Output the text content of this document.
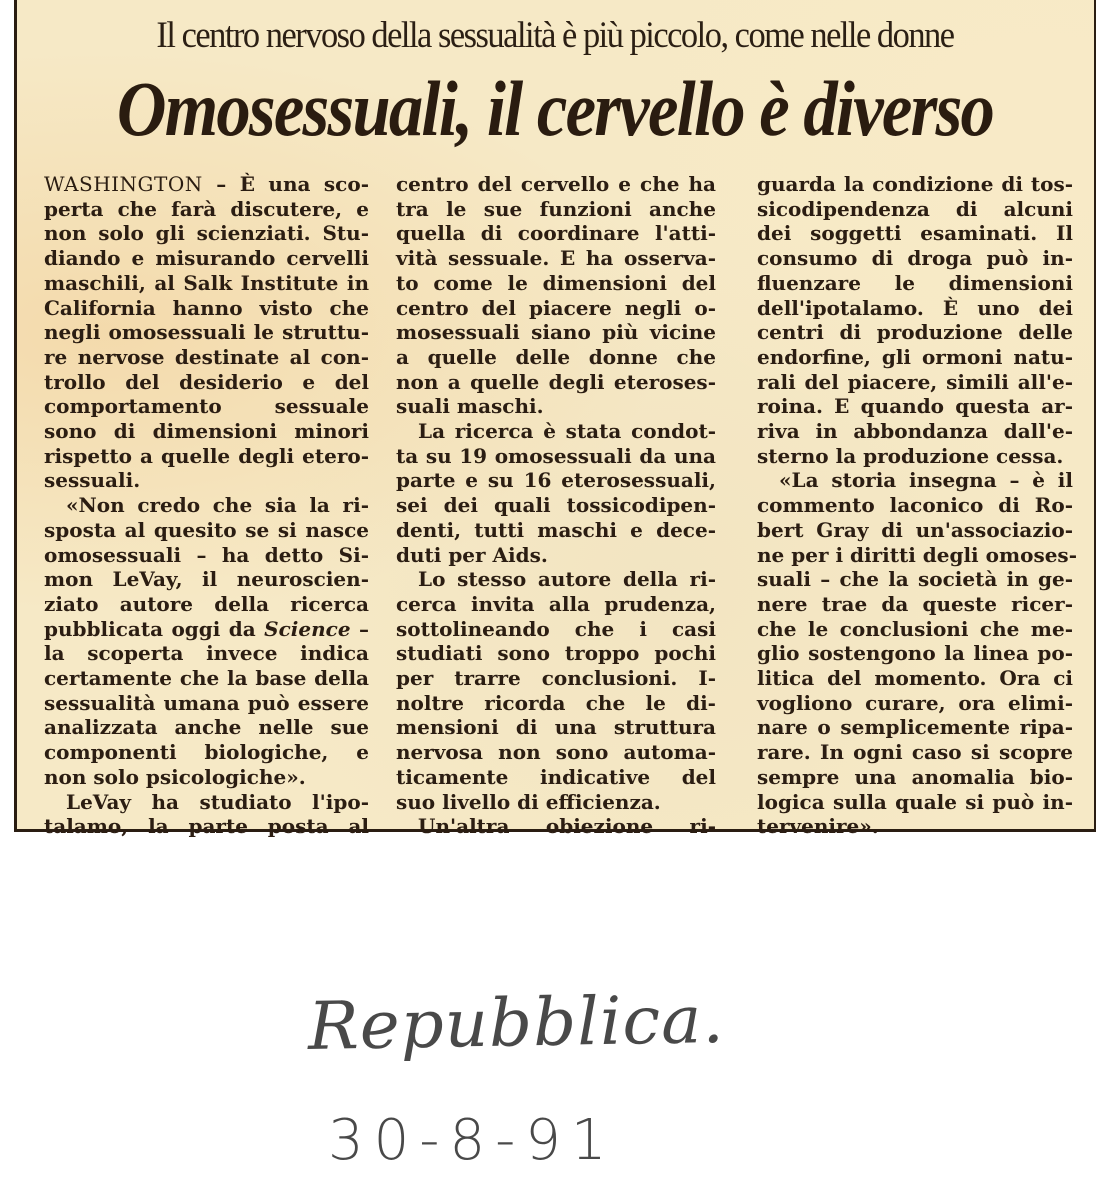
Il centro nervoso della sessualità è più piccolo, come nelle donne
Omosessuali, il cervello è diverso
WASHINGTON – È una sco-
perta che farà discutere, e
non solo gli scienziati. Stu-
diando e misurando cervelli
maschili, al Salk Institute in
California hanno visto che
negli omosessuali le struttu-
re nervose destinate al con-
trollo del desiderio e del
comportamento sessuale
sono di dimensioni minori
rispetto a quelle degli etero-
sessuali.
«Non credo che sia la ri-
sposta al quesito se si nasce
omosessuali – ha detto Si-
mon LeVay, il neuroscien-
ziato autore della ricerca
pubblicata oggi da Science –
la scoperta invece indica
certamente che la base della
sessualità umana può essere
analizzata anche nelle sue
componenti biologiche, e
non solo psicologiche».
LeVay ha studiato l'ipo-
talamo, la parte posta al
centro del cervello e che ha
tra le sue funzioni anche
quella di coordinare l'atti-
vità sessuale. E ha osserva-
to come le dimensioni del
centro del piacere negli o-
mosessuali siano più vicine
a quelle delle donne che
non a quelle degli eteroses-
suali maschi.
La ricerca è stata condot-
ta su 19 omosessuali da una
parte e su 16 eterosessuali,
sei dei quali tossicodipen-
denti, tutti maschi e dece-
duti per Aids.
Lo stesso autore della ri-
cerca invita alla prudenza,
sottolineando che i casi
studiati sono troppo pochi
per trarre conclusioni. I-
noltre ricorda che le di-
mensioni di una struttura
nervosa non sono automa-
ticamente indicative del
suo livello di efficienza.
Un'altra obiezione ri-
guarda la condizione di tos-
sicodipendenza di alcuni
dei soggetti esaminati. Il
consumo di droga può in-
fluenzare le dimensioni
dell'ipotalamo. È uno dei
centri di produzione delle
endorfine, gli ormoni natu-
rali del piacere, simili all'e-
roina. E quando questa ar-
riva in abbondanza dall'e-
sterno la produzione cessa.
«La storia insegna – è il
commento laconico di Ro-
bert Gray di un'associazio-
ne per i diritti degli omoses-
suali – che la società in ge-
nere trae da queste ricer-
che le conclusioni che me-
glio sostengono la linea po-
litica del momento. Ora ci
vogliono curare, ora elimi-
nare o semplicemente ripa-
rare. In ogni caso si scopre
sempre una anomalia bio-
logica sulla quale si può in-
tervenire».
Repubblica.
30-8-91
